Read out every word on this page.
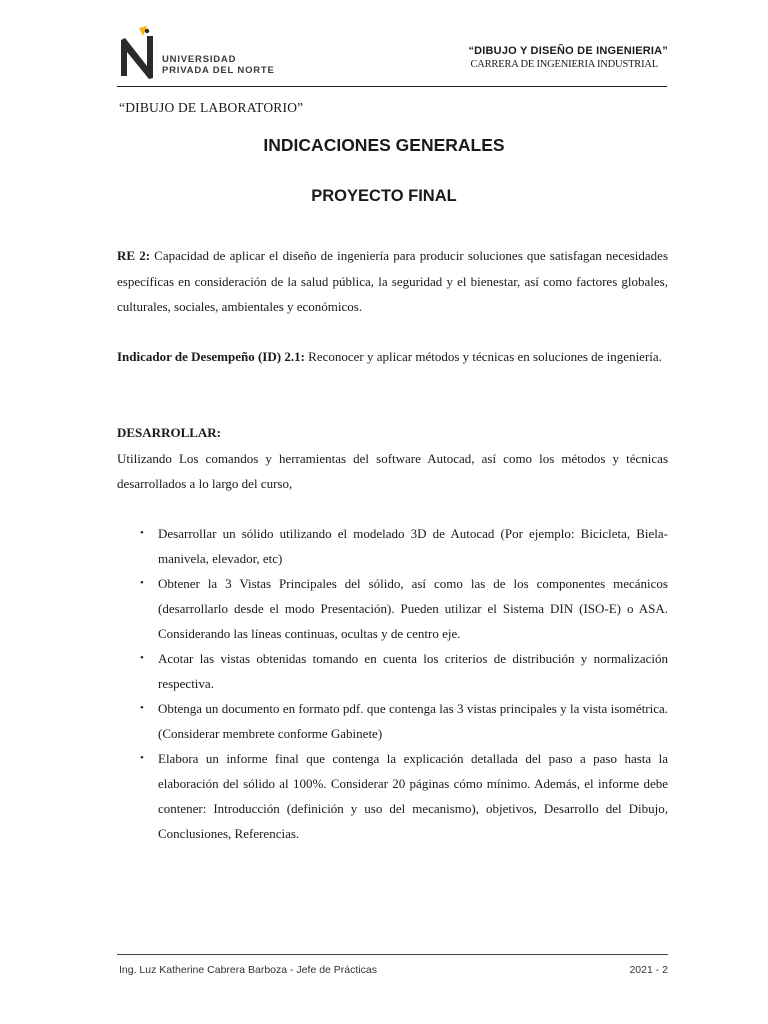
UNIVERSIDAD
PRIVADA DEL NORTE
“DIBUJO Y DISEÑO DE INGENIERIA”
CARRERA DE INGENIERIA INDUSTRIAL
“DIBUJO DE LABORATORIO”
INDICACIONES GENERALES
PROYECTO FINAL
RE 2: Capacidad de aplicar el diseño de ingeniería para producir soluciones que satisfagan necesidades específicas en consideración de la salud pública, la seguridad y el bienestar, así como factores globales, culturales, sociales, ambientales y económicos.
Indicador de Desempeño (ID) 2.1: Reconocer y aplicar métodos y técnicas en soluciones de ingeniería.
DESARROLLAR:
Utilizando Los comandos y herramientas del software Autocad, así como los métodos y técnicas desarrollados a lo largo del curso,
• Desarrollar un sólido utilizando el modelado 3D de Autocad (Por ejemplo: Bicicleta, Biela-manivela, elevador, etc)
• Obtener la 3 Vistas Principales del sólido, así como las de los componentes mecánicos (desarrollarlo desde el modo Presentación). Pueden utilizar el Sistema DIN (ISO-E) o ASA. Considerando las líneas continuas, ocultas y de centro eje.
• Acotar las vistas obtenidas tomando en cuenta los criterios de distribución y normalización respectiva.
• Obtenga un documento en formato pdf. que contenga las 3 vistas principales y la vista isométrica. (Considerar membrete conforme Gabinete)
• Elabora un informe final que contenga la explicación detallada del paso a paso hasta la elaboración del sólido al 100%. Considerar 20 páginas cómo mínimo. Además, el informe debe contener: Introducción (definición y uso del mecanismo), objetivos, Desarrollo del Dibujo, Conclusiones, Referencias.
Ing. Luz Katherine Cabrera Barboza - Jefe de Prácticas	2021 - 2
